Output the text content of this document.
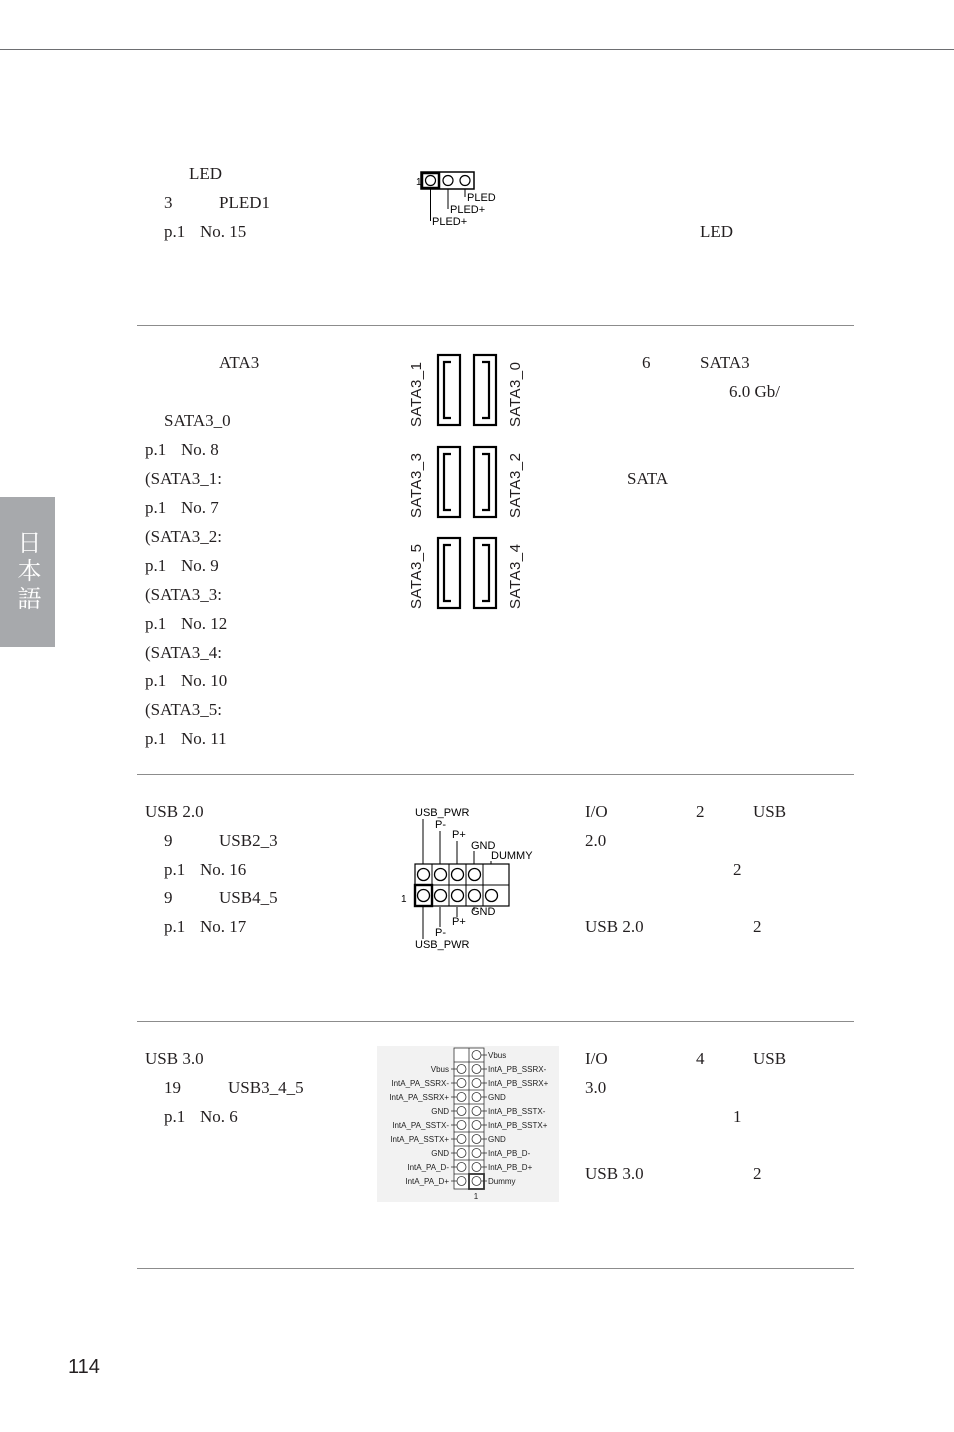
日本語
LED
3	PLED1
p.1 No. 15	LED
1
PLED
PLED+
PLED+
ATA3
SATA3_0
p.1 No. 8
(SATA3_1:
p.1 No. 7
(SATA3_2:
p.1 No. 9
(SATA3_3:
p.1 No. 12
(SATA3_4:
p.1 No. 10
(SATA3_5:
p.1 No. 11
6	SATA3
6.0 Gb/
SATA
SATA3_1	SATA3_0
SATA3_3	SATA3_2
SATA3_5	SATA3_4
USB 2.0
9	USB2_3
p.1 No. 16
9	USB4_5
p.1 No. 17
I/O	2	USB
2.0
2
USB 2.0	2
USB_PWR
P-
P+
GND
DUMMY
1
GND
P+
P-
USB_PWR
USB 3.0
19	USB3_4_5
p.1 No. 6
I/O	4	USB
3.0
1
USB 3.0	2
Vbus
IntA_PA_SSRX-
IntA_PA_SSRX+
GND
IntA_PA_SSTX-
IntA_PA_SSTX+
GND
IntA_PA_D-
IntA_PA_D+
Vbus
IntA_PB_SSRX-
IntA_PB_SSRX+
GND
IntA_PB_SSTX-
IntA_PB_SSTX+
GND
IntA_PB_D-
IntA_PB_D+
Dummy
1
114
